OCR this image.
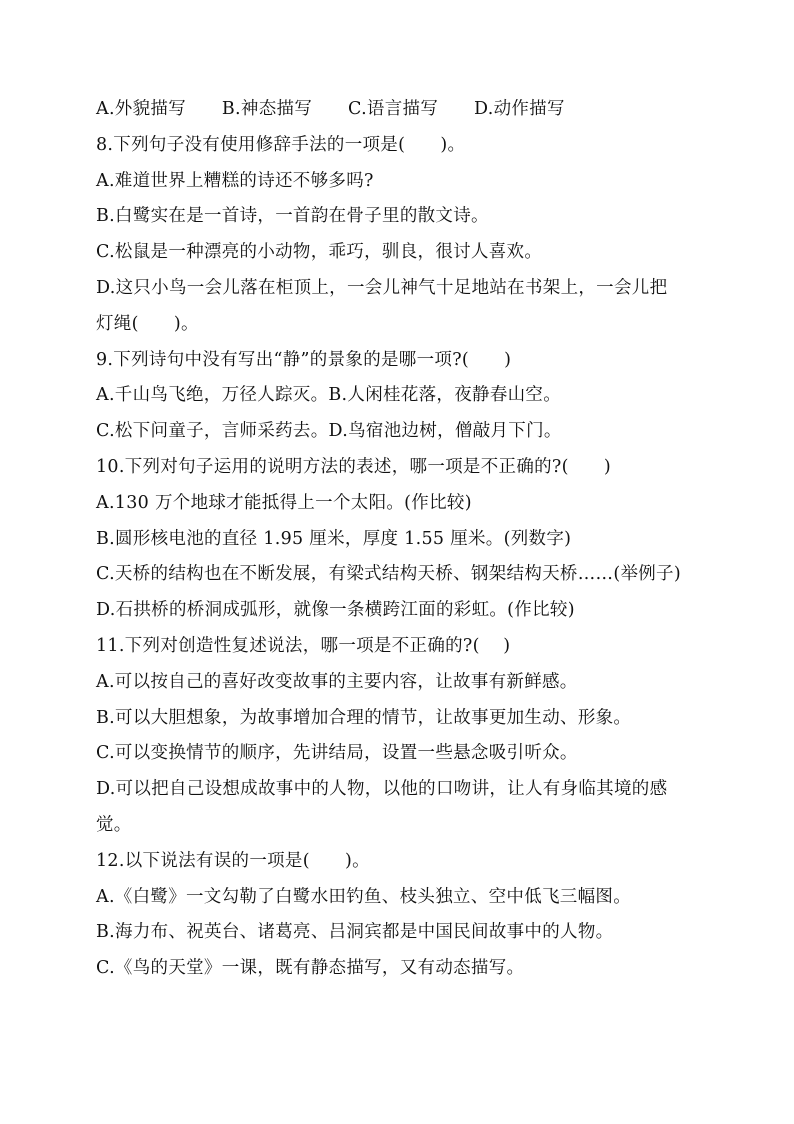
A.外貌描写 B.神态描写 C.语言描写 D.动作描写
8.下列句子没有使用修辞手法的一项是(      )。
A.难道世界上糟糕的诗还不够多吗?
B.白鹭实在是一首诗，一首韵在骨子里的散文诗。
C.松鼠是一种漂亮的小动物，乖巧，驯良，很讨人喜欢。
D.这只小鸟一会儿落在柜顶上，一会儿神气十足地站在书架上，一会儿把
灯绳(      )。
9.下列诗句中没有写出“静”的景象的是哪一项?(      )
A.千山鸟飞绝，万径人踪灭。B.人闲桂花落，夜静春山空。
C.松下问童子，言师采药去。D.鸟宿池边树，僧敲月下门。
10.下列对句子运用的说明方法的表述，哪一项是不正确的?(      )
A.130 万个地球才能抵得上一个太阳。(作比较)
B.圆形核电池的直径 1.95 厘米，厚度 1.55 厘米。(列数字)
C.天桥的结构也在不断发展，有梁式结构天桥、钢架结构天桥……(举例子)
D.石拱桥的桥洞成弧形，就像一条横跨江面的彩虹。(作比较)
11.下列对创造性复述说法，哪一项是不正确的?(    )
A.可以按自己的喜好改变故事的主要内容，让故事有新鲜感。
B.可以大胆想象，为故事增加合理的情节，让故事更加生动、形象。
C.可以变换情节的顺序，先讲结局，设置一些悬念吸引听众。
D.可以把自己设想成故事中的人物，以他的口吻讲，让人有身临其境的感
觉。
12.以下说法有误的一项是(      )。
A.《白鹭》一文勾勒了白鹭水田钓鱼、枝头独立、空中低飞三幅图。
B.海力布、祝英台、诸葛亮、吕洞宾都是中国民间故事中的人物。
C.《鸟的天堂》一课，既有静态描写，又有动态描写。
